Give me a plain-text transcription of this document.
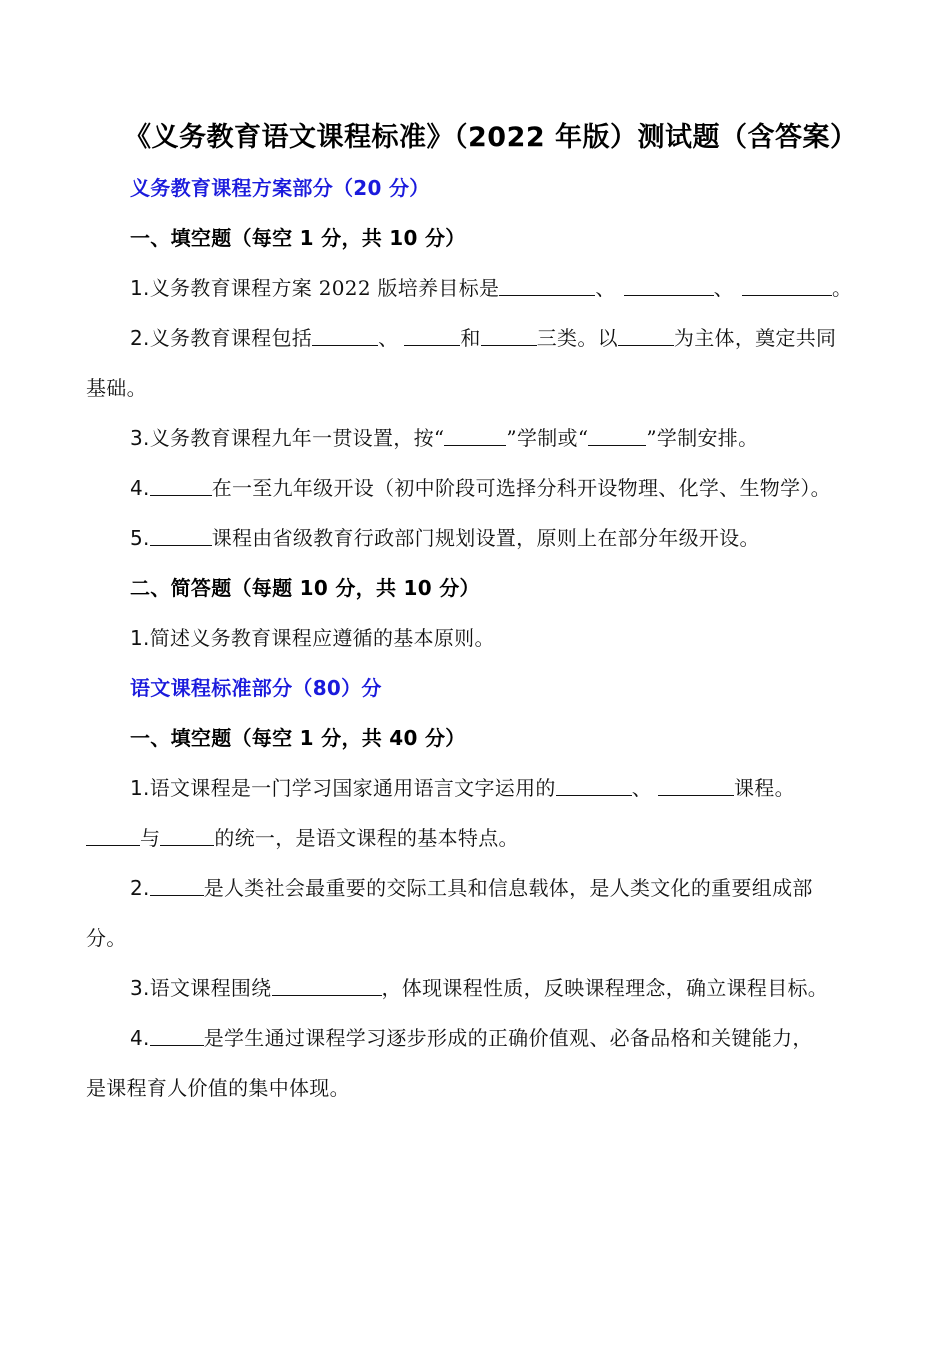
《义务教育语文课程标准》（2022 年版）测试题（含答案）
义务教育课程方案部分（20 分）
一、填空题（每空 1 分，共 10 分）
1.义务教育课程方案 2022 版培养目标是	、	、	。
2.义务教育课程包括	、	和	三类。以	为主体，奠定共同
基础。
3.义务教育课程九年一贯设置，按“	”学制或“	”学制安排。
4.	在一至九年级开设（初中阶段可选择分科开设物理、化学、生物学）。
5.	课程由省级教育行政部门规划设置，原则上在部分年级开设。
二、简答题（每题 10 分，共 10 分）
1.简述义务教育课程应遵循的基本原则。
语文课程标准部分（80）分
一、填空题（每空 1 分，共 40 分）
1.语文课程是一门学习国家通用语言文字运用的	、	课程。
与	的统一，是语文课程的基本特点。
2.	是人类社会最重要的交际工具和信息载体，是人类文化的重要组成部
分。
3.语文课程围绕	，体现课程性质，反映课程理念，确立课程目标。
4.	是学生通过课程学习逐步形成的正确价值观、必备品格和关键能力，
是课程育人价值的集中体现。
